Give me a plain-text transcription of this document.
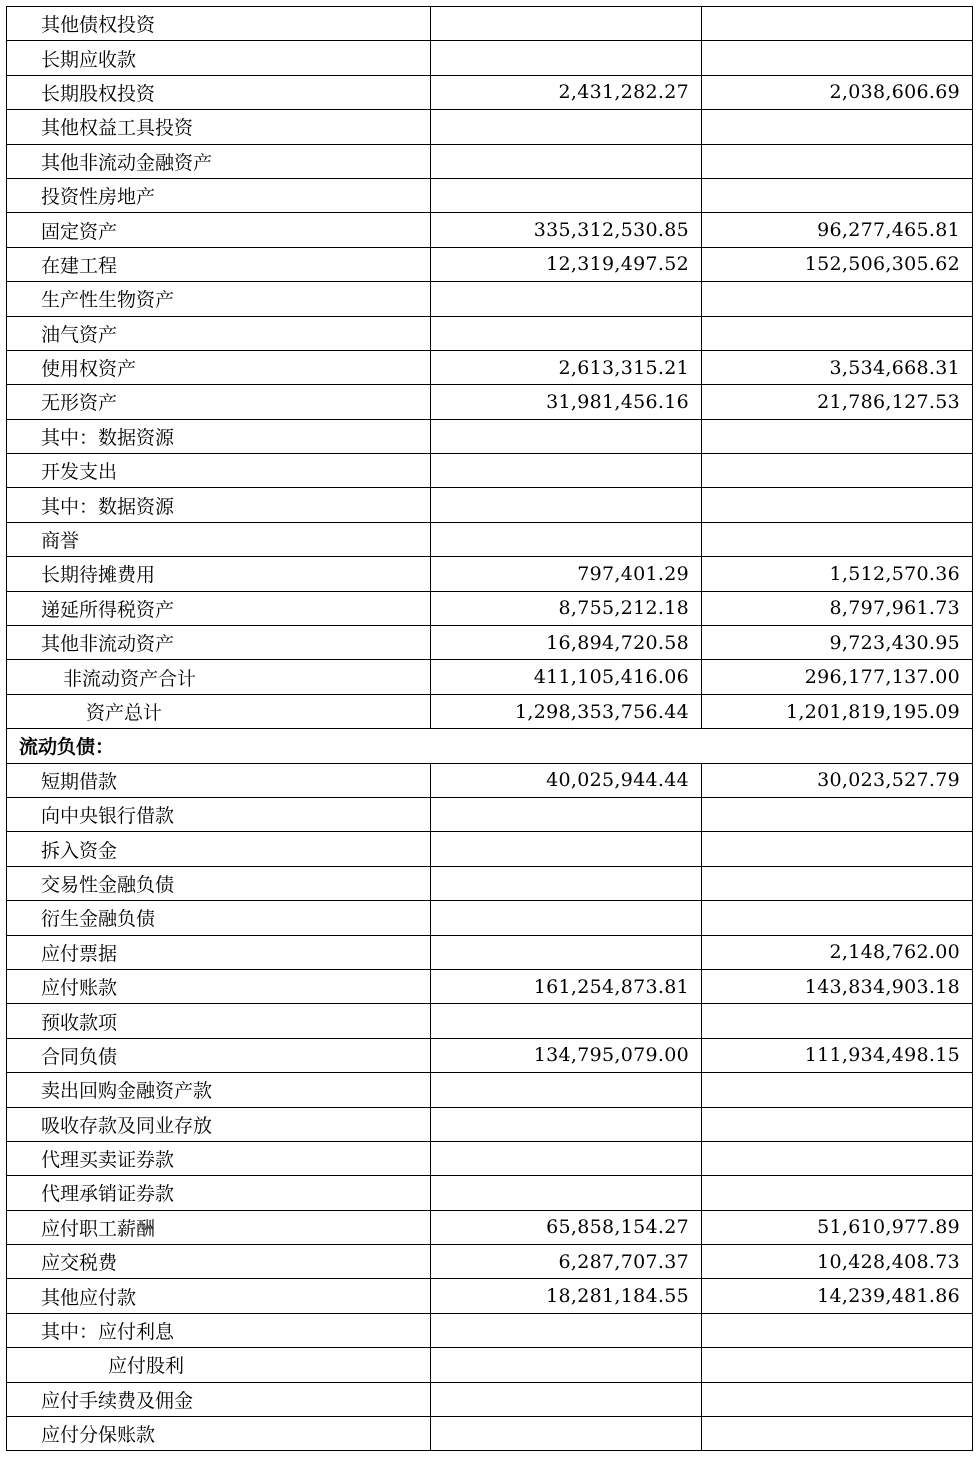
其他债权投资		
长期应收款		
长期股权投资	2,431,282.27	2,038,606.69
其他权益工具投资		
其他非流动金融资产		
投资性房地产		
固定资产	335,312,530.85	96,277,465.81
在建工程	12,319,497.52	152,506,305.62
生产性生物资产		
油气资产		
使用权资产	2,613,315.21	3,534,668.31
无形资产	31,981,456.16	21,786,127.53
其中：数据资源		
开发支出		
其中：数据资源		
商誉		
长期待摊费用	797,401.29	1,512,570.36
递延所得税资产	8,755,212.18	8,797,961.73
其他非流动资产	16,894,720.58	9,723,430.95
非流动资产合计	411,105,416.06	296,177,137.00
资产总计	1,298,353,756.44	1,201,819,195.09
流动负债：		
短期借款	40,025,944.44	30,023,527.79
向中央银行借款		
拆入资金		
交易性金融负债		
衍生金融负债		
应付票据		2,148,762.00
应付账款	161,254,873.81	143,834,903.18
预收款项		
合同负债	134,795,079.00	111,934,498.15
卖出回购金融资产款		
吸收存款及同业存放		
代理买卖证券款		
代理承销证券款		
应付职工薪酬	65,858,154.27	51,610,977.89
应交税费	6,287,707.37	10,428,408.73
其他应付款	18,281,184.55	14,239,481.86
其中：应付利息		
应付股利		
应付手续费及佣金		
应付分保账款		
